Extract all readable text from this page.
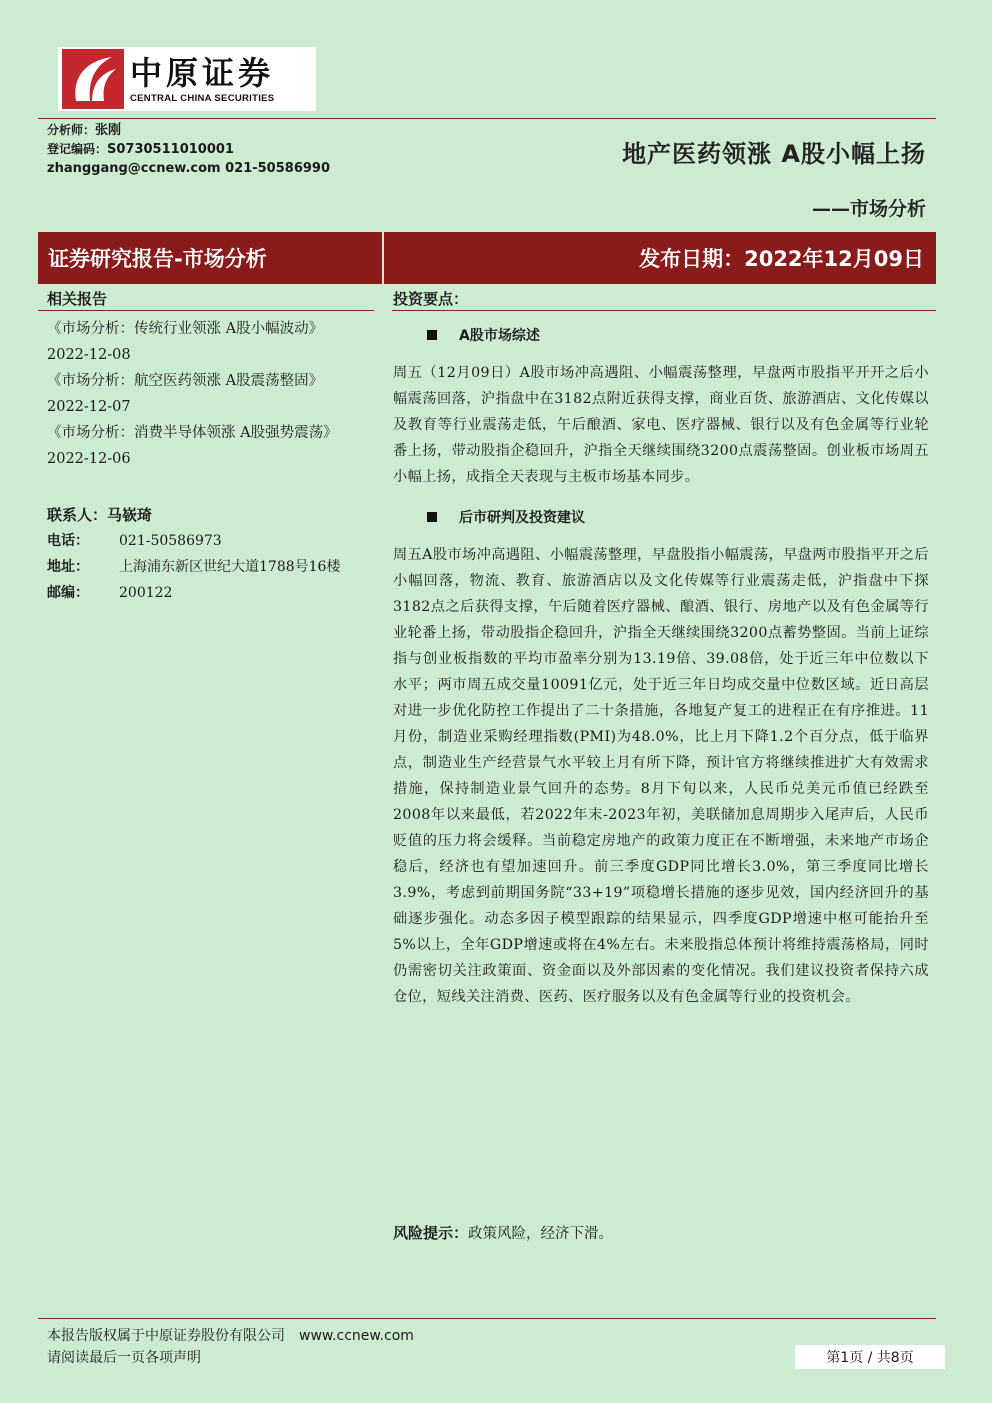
中原证券
CENTRAL CHINA SECURITIES
分析师：张刚
登记编码：S0730511010001
zhanggang@ccnew.com 021-50586990
地产医药领涨 A股小幅上扬
——市场分析
证券研究报告-市场分析	发布日期：2022年12月09日
相关报告
《市场分析：传统行业领涨 A股小幅波动》
2022-12-08
《市场分析：航空医药领涨 A股震荡整固》
2022-12-07
《市场分析：消费半导体领涨 A股强势震荡》
2022-12-06
联系人： 马嵚琦
电话：	021-50586973
地址：	上海浦东新区世纪大道1788号16楼
邮编：	200122
投资要点：
A股市场综述

周五（12月09日）A股市场冲高遇阻、小幅震荡整理，早盘两市股指平开开之后小幅震荡回落，沪指盘中在3182点附近获得支撑，商业百货、旅游酒店、文化传媒以及教育等行业震荡走低，午后酿酒、家电、医疗器械、银行以及有色金属等行业轮番上扬，带动股指企稳回升，沪指全天继续围绕3200点震荡整固。创业板市场周五小幅上扬，成指全天表现与主板市场基本同步。

后市研判及投资建议

周五A股市场冲高遇阻、小幅震荡整理，早盘股指小幅震荡，早盘两市股指平开之后小幅回落，物流、教育、旅游酒店以及文化传媒等行业震荡走低，沪指盘中下探3182点之后获得支撑，午后随着医疗器械、酿酒、银行、房地产以及有色金属等行业轮番上扬，带动股指企稳回升，沪指全天继续围绕3200点蓄势整固。当前上证综指与创业板指数的平均市盈率分别为13.19倍、39.08倍，处于近三年中位数以下水平；两市周五成交量10091亿元，处于近三年日均成交量中位数区域。近日高层对进一步优化防控工作提出了二十条措施，各地复产复工的进程正在有序推进。11月份，制造业采购经理指数(PMI)为48.0%，比上月下降1.2个百分点，低于临界点，制造业生产经营景气水平较上月有所下降，预计官方将继续推进扩大有效需求措施，保持制造业景气回升的态势。8月下旬以来，人民币兑美元币值已经跌至2008年以来最低，若2022年末-2023年初，美联储加息周期步入尾声后，人民币贬值的压力将会缓释。当前稳定房地产的政策力度正在不断增强，未来地产市场企稳后，经济也有望加速回升。前三季度GDP同比增长3.0%，第三季度同比增长3.9%，考虑到前期国务院“33+19”项稳增长措施的逐步见效，国内经济回升的基础逐步强化。动态多因子模型跟踪的结果显示，四季度GDP增速中枢可能抬升至5%以上，全年GDP增速或将在4%左右。未来股指总体预计将维持震荡格局，同时仍需密切关注政策面、资金面以及外部因素的变化情况。我们建议投资者保持六成仓位，短线关注消费、医药、医疗服务以及有色金属等行业的投资机会。

风险提示：政策风险，经济下滑。
本报告版权属于中原证券股份有限公司 www.ccnew.com
请阅读最后一页各项声明	第1页 / 共8页
